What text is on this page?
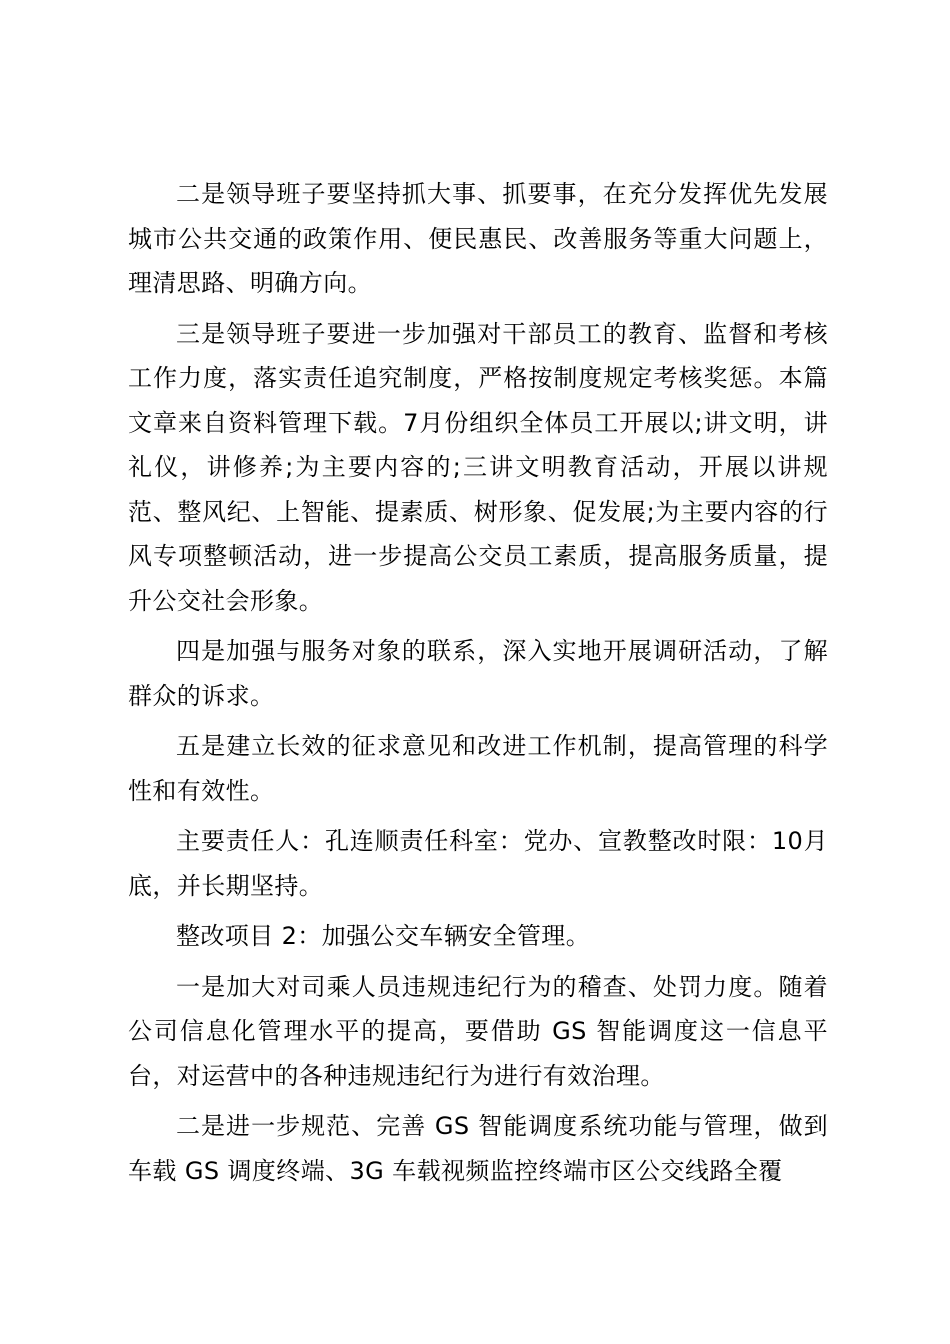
二是领导班子要坚持抓大事、抓要事，在充分发挥优先发展城市公共交通的政策作用、便民惠民、改善服务等重大问题上，理清思路、明确方向。

三是领导班子要进一步加强对干部员工的教育、监督和考核工作力度，落实责任追究制度，严格按制度规定考核奖惩。本篇文章来自资料管理下载。7月份组织全体员工开展以;讲文明，讲礼仪，讲修养;为主要内容的;三讲文明教育活动，开展以讲规范、整风纪、上智能、提素质、树形象、促发展;为主要内容的行风专项整顿活动，进一步提高公交员工素质，提高服务质量，提升公交社会形象。

四是加强与服务对象的联系，深入实地开展调研活动，了解群众的诉求。

五是建立长效的征求意见和改进工作机制，提高管理的科学性和有效性。

主要责任人：孔连顺责任科室：党办、宣教整改时限：10月底，并长期坚持。

整改项目 2：加强公交车辆安全管理。

一是加大对司乘人员违规违纪行为的稽查、处罚力度。随着公司信息化管理水平的提高，要借助 GS 智能调度这一信息平台，对运营中的各种违规违纪行为进行有效治理。

二是进一步规范、完善 GS 智能调度系统功能与管理，做到车载 GS 调度终端、3G 车载视频监控终端市区公交线路全覆
